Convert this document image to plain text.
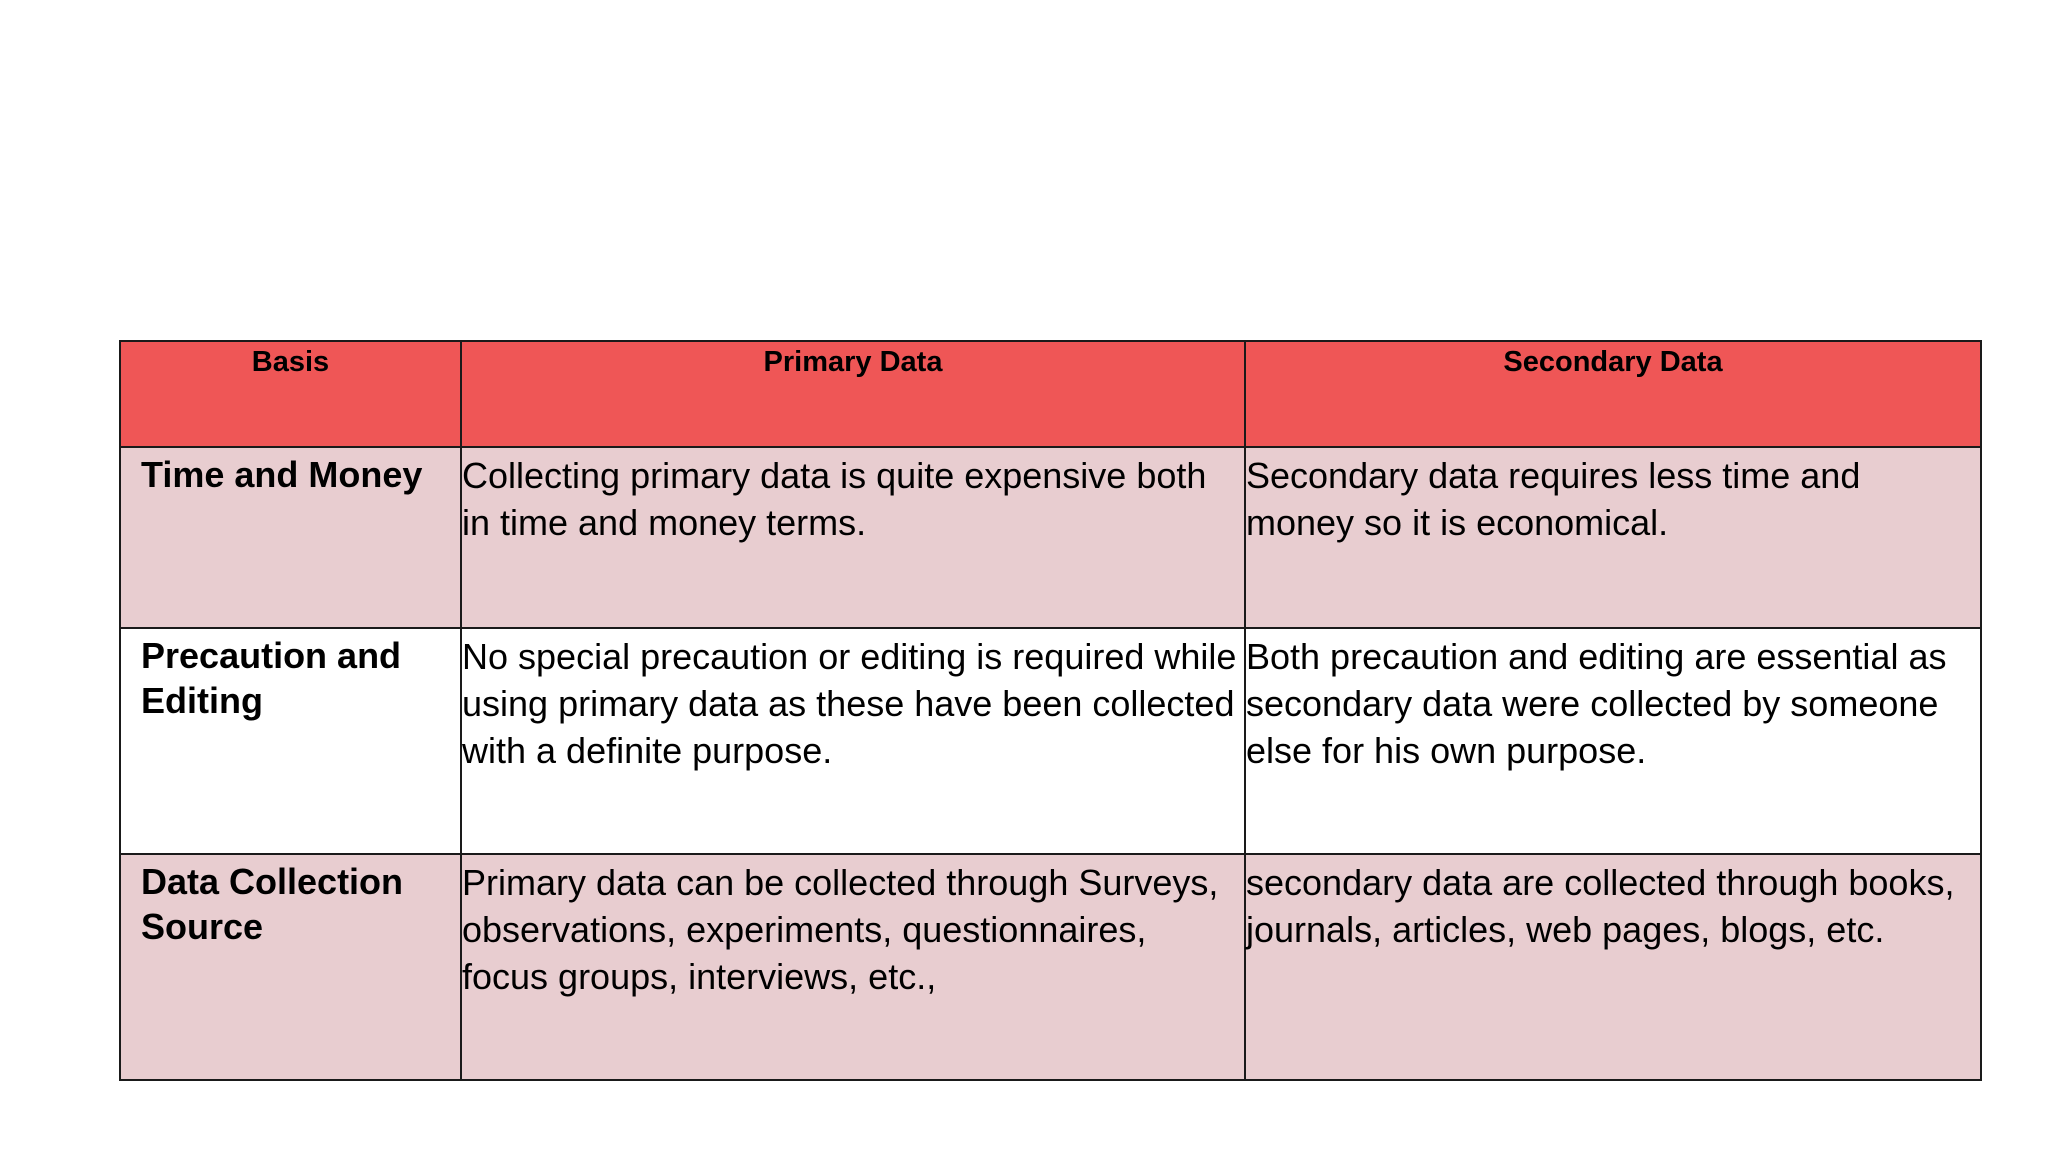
Basis	Primary Data	Secondary Data
Time and Money	Collecting primary data is quite expensive both in time and money terms.	Secondary data requires less time and money so it is economical.
Precaution and Editing	No special precaution or editing is required while using primary data as these have been collected with a definite purpose.	Both precaution and editing are essential as secondary data were collected by someone else for his own purpose.
Data Collection Source	Primary data can be collected through Surveys, observations, experiments, questionnaires, focus groups, interviews, etc.,	secondary data are collected through books, journals, articles, web pages, blogs, etc.
